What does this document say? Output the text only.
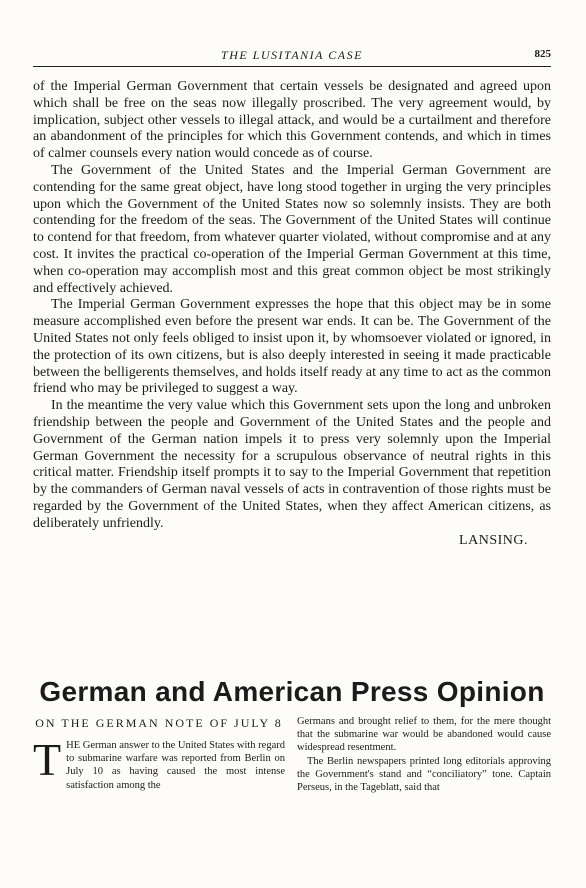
THE LUSITANIA CASE	825

of the Imperial German Government that certain vessels be designated and agreed upon which shall be free on the seas now illegally proscribed. The very agreement would, by implication, subject other vessels to illegal attack, and would be a curtailment and therefore an abandonment of the principles for which this Government contends, and which in times of calmer counsels every nation would concede as of course.

The Government of the United States and the Imperial German Government are contending for the same great object, have long stood together in urging the very principles upon which the Government of the United States now so solemnly insists. They are both contending for the freedom of the seas. The Government of the United States will continue to contend for that freedom, from whatever quarter violated, without compromise and at any cost. It invites the practical co-operation of the Imperial German Government at this time, when co-operation may accomplish most and this great common object be most strikingly and effectively achieved.

The Imperial German Government expresses the hope that this object may be in some measure accomplished even before the present war ends. It can be. The Government of the United States not only feels obliged to insist upon it, by whomsoever violated or ignored, in the protection of its own citizens, but is also deeply interested in seeing it made practicable between the belligerents themselves, and holds itself ready at any time to act as the common friend who may be privileged to suggest a way.

In the meantime the very value which this Government sets upon the long and unbroken friendship between the people and Government of the United States and the people and Government of the German nation impels it to press very solemnly upon the Imperial German Government the necessity for a scrupulous observance of neutral rights in this critical matter. Friendship itself prompts it to say to the Imperial Government that repetition by the commanders of German naval vessels of acts in contravention of those rights must be regarded by the Government of the United States, when they affect American citizens, as deliberately unfriendly.

LANSING.

German and American Press Opinion
ON THE GERMAN NOTE OF JULY 8

THE German answer to the United States with regard to submarine warfare was reported from Berlin on July 10 as having caused the most intense satisfaction among the

Germans and brought relief to them, for the mere thought that the submarine war would be abandoned would cause widespread resentment.

The Berlin newspapers printed long editorials approving the Government's stand and “conciliatory” tone. Captain Perseus, in the Tageblatt, said that
